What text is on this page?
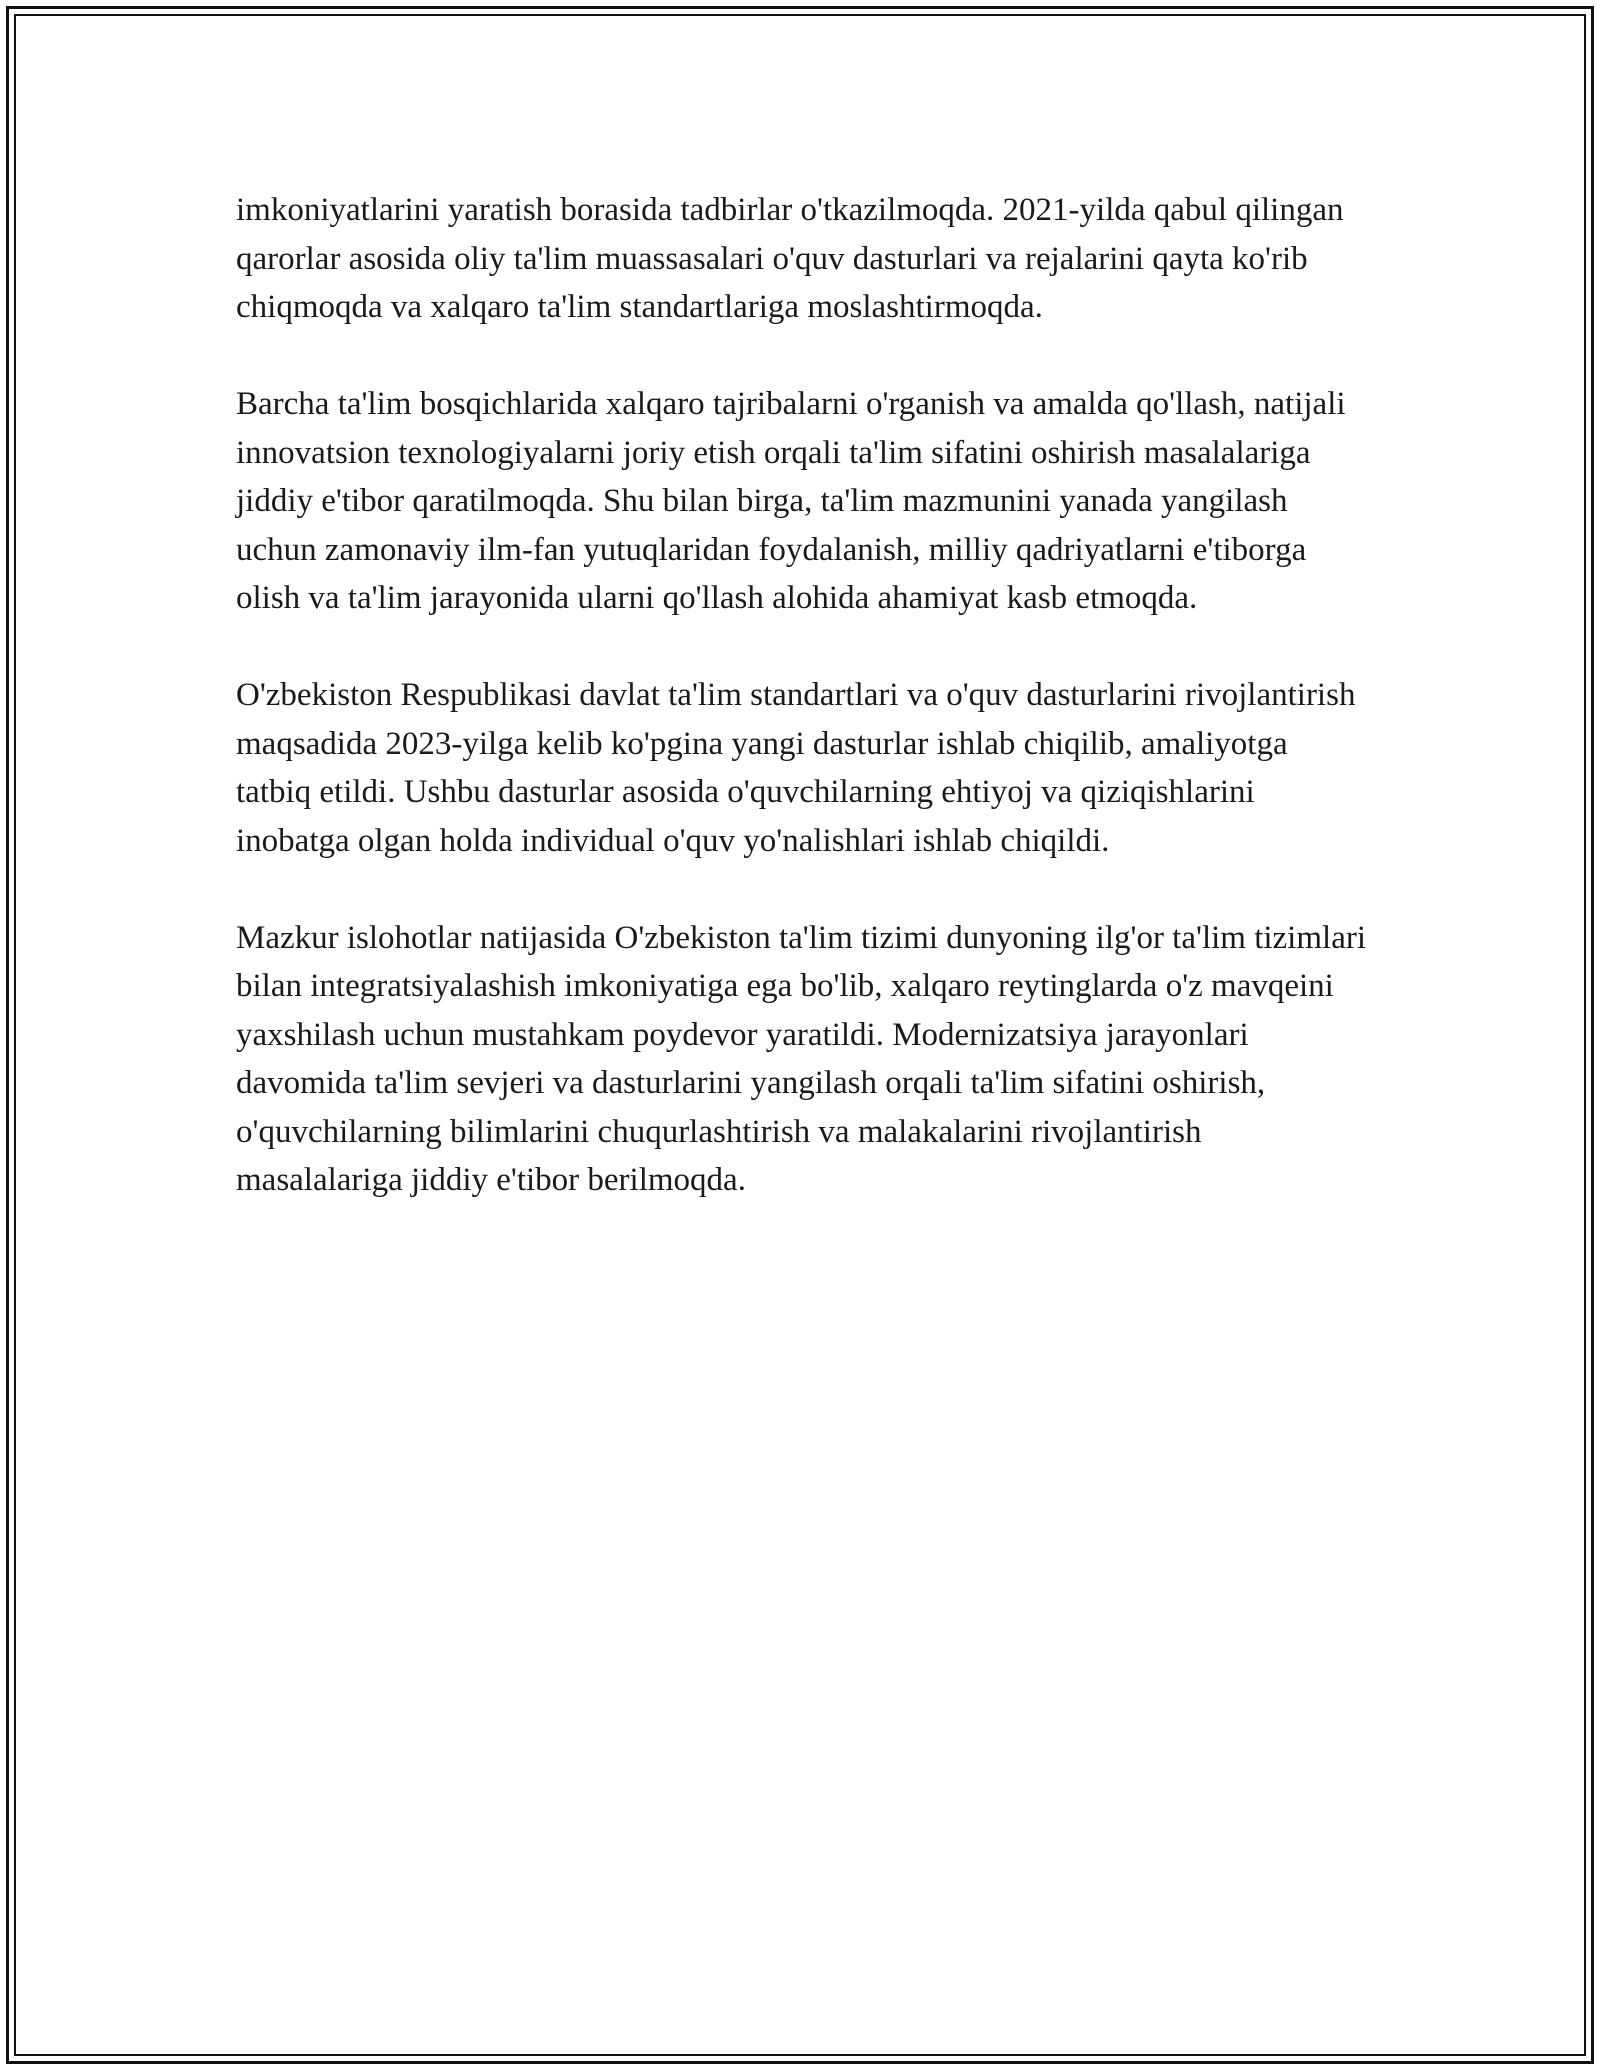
imkoniyatlarini yaratish borasida tadbirlar o'tkazilmoqda. 2021-yilda qabul qilingan qarorlar asosida oliy ta'lim muassasalari o'quv dasturlari va rejalarini qayta ko'rib chiqmoqda va xalqaro ta'lim standartlariga moslashtirmoqda.

Barcha ta'lim bosqichlarida xalqaro tajribalarni o'rganish va amalda qo'llash, natijali innovatsion texnologiyalarni joriy etish orqali ta'lim sifatini oshirish masalalariga jiddiy e'tibor qaratilmoqda. Shu bilan birga, ta'lim mazmunini yanada yangilash uchun zamonaviy ilm-fan yutuqlaridan foydalanish, milliy qadriyatlarni e'tiborga olish va ta'lim jarayonida ularni qo'llash alohida ahamiyat kasb etmoqda.

O'zbekiston Respublikasi davlat ta'lim standartlari va o'quv dasturlarini rivojlantirish maqsadida 2023-yilga kelib ko'pgina yangi dasturlar ishlab chiqilib, amaliyotga tatbiq etildi. Ushbu dasturlar asosida o'quvchilarning ehtiyoj va qiziqishlarini inobatga olgan holda individual o'quv yo'nalishlari ishlab chiqildi.

Mazkur islohotlar natijasida O'zbekiston ta'lim tizimi dunyoning ilg'or ta'lim tizimlari bilan integratsiyalashish imkoniyatiga ega bo'lib, xalqaro reytinglarda o'z mavqeini yaxshilash uchun mustahkam poydevor yaratildi. Modernizatsiya jarayonlari davomida ta'lim sevjeri va dasturlarini yangilash orqali ta'lim sifatini oshirish, o'quvchilarning bilimlarini chuqurlashtirish va malakalarini rivojlantirish masalalariga jiddiy e'tibor berilmoqda.
